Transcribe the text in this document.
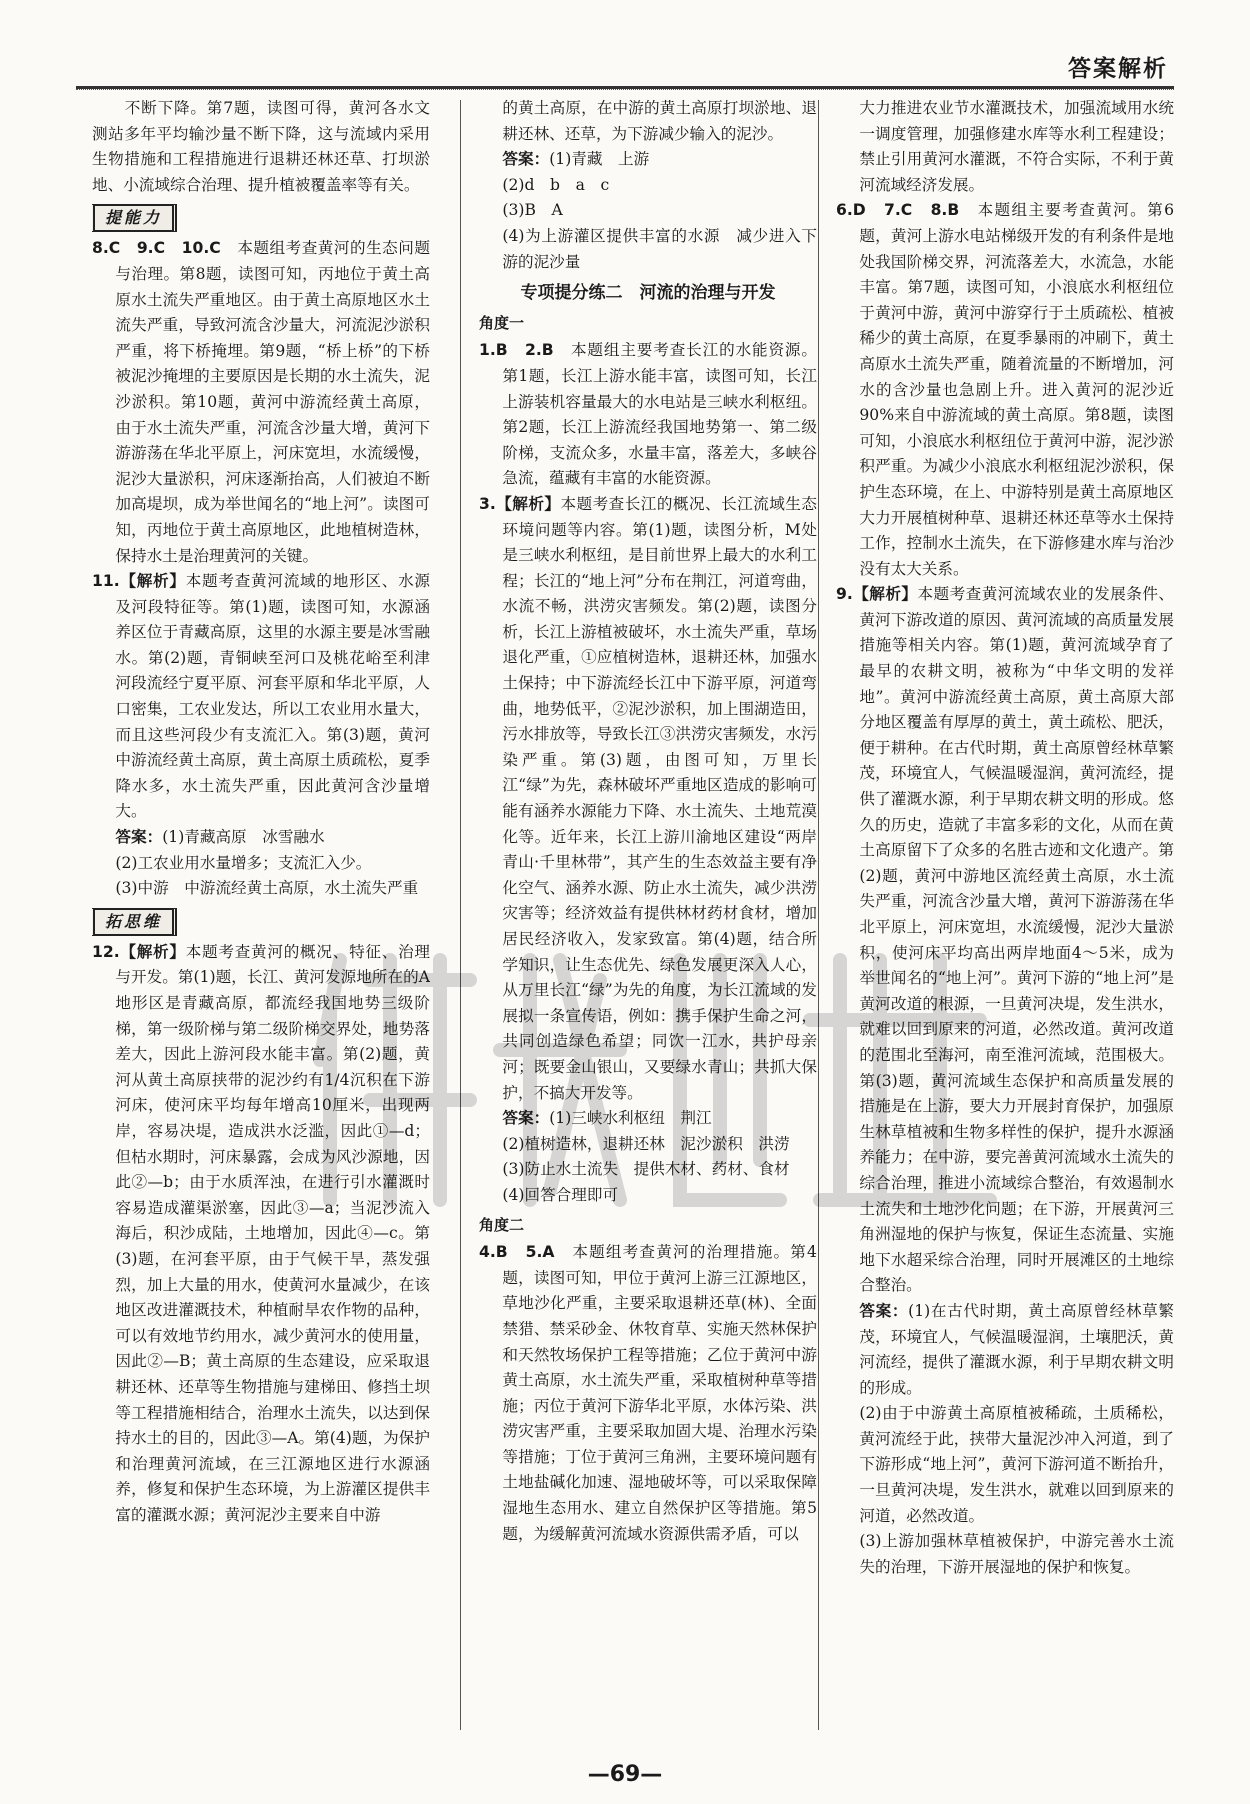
答案解析

不断下降。第7题，读图可得，黄河各水文测站多年平均输沙量不断下降，这与流域内采用生物措施和工程措施进行退耕还林还草、打坝淤地、小流域综合治理、提升植被覆盖率等有关。

提能力

8.C　9.C　10.C　 本题组考查黄河的生态问题与治理。第8题，读图可知，丙地位于黄土高原水土流失严重地区。由于黄土高原地区水土流失严重，导致河流含沙量大，河流泥沙淤积严重，将下桥掩埋。第9题，“桥上桥”的下桥被泥沙掩埋的主要原因是长期的水土流失，泥沙淤积。第10题，黄河中游流经黄土高原，由于水土流失严重，河流含沙量大增，黄河下游游荡在华北平原上，河床宽坦，水流缓慢，泥沙大量淤积，河床逐渐抬高，人们被迫不断加高堤坝，成为举世闻名的“地上河”。读图可知，丙地位于黄土高原地区，此地植树造林，保持水土是治理黄河的关键。

11.【解析】本题考查黄河流域的地形区、水源及河段特征等。第(1)题，读图可知，水源涵养区位于青藏高原，这里的水源主要是冰雪融水。第(2)题，青铜峡至河口及桃花峪至利津河段流经宁夏平原、河套平原和华北平原，人口密集，工农业发达，所以工农业用水量大，而且这些河段少有支流汇入。第(3)题，黄河中游流经黄土高原，黄土高原土质疏松，夏季降水多，水土流失严重，因此黄河含沙量增大。

答案：(1)青藏高原　冰雪融水
(2)工农业用水量增多；支流汇入少。
(3)中游　中游流经黄土高原，水土流失严重
拓思维

12.【解析】本题考查黄河的概况、特征、治理与开发。第(1)题，长江、黄河发源地所在的A地形区是青藏高原，都流经我国地势三级阶梯，第一级阶梯与第二级阶梯交界处，地势落差大，因此上游河段水能丰富。第(2)题，黄河从黄土高原挟带的泥沙约有1/4沉积在下游河床，使河床平均每年增高10厘米，出现两岸，容易决堤，造成洪水泛滥，因此①—d；但枯水期时，河床暴露，会成为风沙源地，因此②—b；由于水质浑浊，在进行引水灌溉时容易造成灌渠淤塞，因此③—a；当泥沙流入海后，积沙成陆，土地增加，因此④—c。第(3)题，在河套平原，由于气候干旱，蒸发强烈，加上大量的用水，使黄河水量减少，在该地区改进灌溉技术，种植耐旱农作物的品种，可以有效地节约用水，减少黄河水的使用量，因此②—B；黄土高原的生态建设，应采取退耕还林、还草等生物措施与建梯田、修挡土坝等工程措施相结合，治理水土流失，以达到保持水土的目的，因此③—A。第(4)题，为保护和治理黄河流域，在三江源地区进行水源涵养，修复和保护生态环境，为上游灌区提供丰富的灌溉水源；黄河泥沙主要来自中游

的黄土高原，在中游的黄土高原打坝淤地、退耕还林、还草，为下游减少输入的泥沙。

答案：(1)青藏　上游
(2)d　b　a　c
(3)B　A
(4)为上游灌区提供丰富的水源　减少进入下游的泥沙量
专项提分练二　河流的治理与开发
角度一

1.B　2.B　 本题组主要考查长江的水能资源。第1题，长江上游水能丰富，读图可知，长江上游装机容量最大的水电站是三峡水利枢纽。第2题，长江上游流经我国地势第一、第二级阶梯，支流众多，水量丰富，落差大，多峡谷急流，蕴藏有丰富的水能资源。

3.【解析】本题考查长江的概况、长江流域生态环境问题等内容。第(1)题，读图分析，M处是三峡水利枢纽，是目前世界上最大的水利工程；长江的“地上河”分布在荆江，河道弯曲，水流不畅，洪涝灾害频发。第(2)题，读图分析，长江上游植被破坏，水土流失严重，草场退化严重，①应植树造林，退耕还林，加强水土保持；中下游流经长江中下游平原，河道弯曲，地势低平，②泥沙淤积，加上围湖造田，污水排放等，导致长江③洪涝灾害频发，水污染严重。第(3)题，由图可知，万里长江“绿”为先，森林破坏严重地区造成的影响可能有涵养水源能力下降、水土流失、土地荒漠化等。近年来，长江上游川渝地区建设“两岸青山·千里林带”，其产生的生态效益主要有净化空气、涵养水源、防止水土流失，减少洪涝灾害等；经济效益有提供林材药材食材，增加居民经济收入，发家致富。第(4)题，结合所学知识，让生态优先、绿色发展更深入人心，从万里长江“绿”为先的角度，为长江流域的发展拟一条宣传语，例如：携手保护生命之河，共同创造绿色希望；同饮一江水，共护母亲河；既要金山银山，又要绿水青山；共抓大保护，不搞大开发等。

答案：(1)三峡水利枢纽　荆江
(2)植树造林，退耕还林　泥沙淤积　洪涝
(3)防止水土流失　提供木材、药材、食材
(4)回答合理即可
角度二

4.B　5.A　 本题组考查黄河的治理措施。第4题，读图可知，甲位于黄河上游三江源地区，草地沙化严重，主要采取退耕还草(林)、全面禁猎、禁采砂金、休牧育草、实施天然林保护和天然牧场保护工程等措施；乙位于黄河中游黄土高原，水土流失严重，采取植树种草等措施；丙位于黄河下游华北平原，水体污染、洪涝灾害严重，主要采取加固大堤、治理水污染等措施；丁位于黄河三角洲，主要环境问题有土地盐碱化加速、湿地破坏等，可以采取保障湿地生态用水、建立自然保护区等措施。第5题，为缓解黄河流域水资源供需矛盾，可以

大力推进农业节水灌溉技术，加强流域用水统一调度管理，加强修建水库等水利工程建设；禁止引用黄河水灌溉，不符合实际，不利于黄河流域经济发展。

6.D　7.C　8.B　 本题组主要考查黄河。第6题，黄河上游水电站梯级开发的有利条件是地处我国阶梯交界，河流落差大，水流急，水能丰富。第7题，读图可知，小浪底水利枢纽位于黄河中游，黄河中游穿行于土质疏松、植被稀少的黄土高原，在夏季暴雨的冲刷下，黄土高原水土流失严重，随着流量的不断增加，河水的含沙量也急剧上升。进入黄河的泥沙近90%来自中游流域的黄土高原。第8题，读图可知，小浪底水利枢纽位于黄河中游，泥沙淤积严重。为减少小浪底水利枢纽泥沙淤积，保护生态环境，在上、中游特别是黄土高原地区大力开展植树种草、退耕还林还草等水土保持工作，控制水土流失，在下游修建水库与治沙没有太大关系。

9.【解析】本题考查黄河流域农业的发展条件、黄河下游改道的原因、黄河流域的高质量发展措施等相关内容。第(1)题，黄河流域孕育了最早的农耕文明，被称为“中华文明的发祥地”。黄河中游流经黄土高原，黄土高原大部分地区覆盖有厚厚的黄土，黄土疏松、肥沃，便于耕种。在古代时期，黄土高原曾经林草繁茂，环境宜人，气候温暖湿润，黄河流经，提供了灌溉水源，利于早期农耕文明的形成。悠久的历史，造就了丰富多彩的文化，从而在黄土高原留下了众多的名胜古迹和文化遗产。第(2)题，黄河中游地区流经黄土高原，水土流失严重，河流含沙量大增，黄河下游游荡在华北平原上，河床宽坦，水流缓慢，泥沙大量淤积，使河床平均高出两岸地面4～5米，成为举世闻名的“地上河”。黄河下游的“地上河”是黄河改道的根源，一旦黄河决堤，发生洪水，就难以回到原来的河道，必然改道。黄河改道的范围北至海河，南至淮河流域，范围极大。第(3)题，黄河流域生态保护和高质量发展的措施是在上游，要大力开展封育保护，加强原生林草植被和生物多样性的保护，提升水源涵养能力；在中游，要完善黄河流域水土流失的综合治理，推进小流域综合整治，有效遏制水土流失和土地沙化问题；在下游，开展黄河三角洲湿地的保护与恢复，保证生态流量、实施地下水超采综合治理，同时开展滩区的土地综合整治。

答案：(1)在古代时期，黄土高原曾经林草繁茂，环境宜人，气候温暖湿润，土壤肥沃，黄河流经，提供了灌溉水源，利于早期农耕文明的形成。
(2)由于中游黄土高原植被稀疏，土质稀松，黄河流经于此，挟带大量泥沙冲入河道，到了下游形成“地上河”，黄河下游河道不断抬升，一旦黄河决堤，发生洪水，就难以回到原来的河道，必然改道。
(3)上游加强林草植被保护，中游完善水土流失的治理，下游开展湿地的保护和恢复。
—69—
